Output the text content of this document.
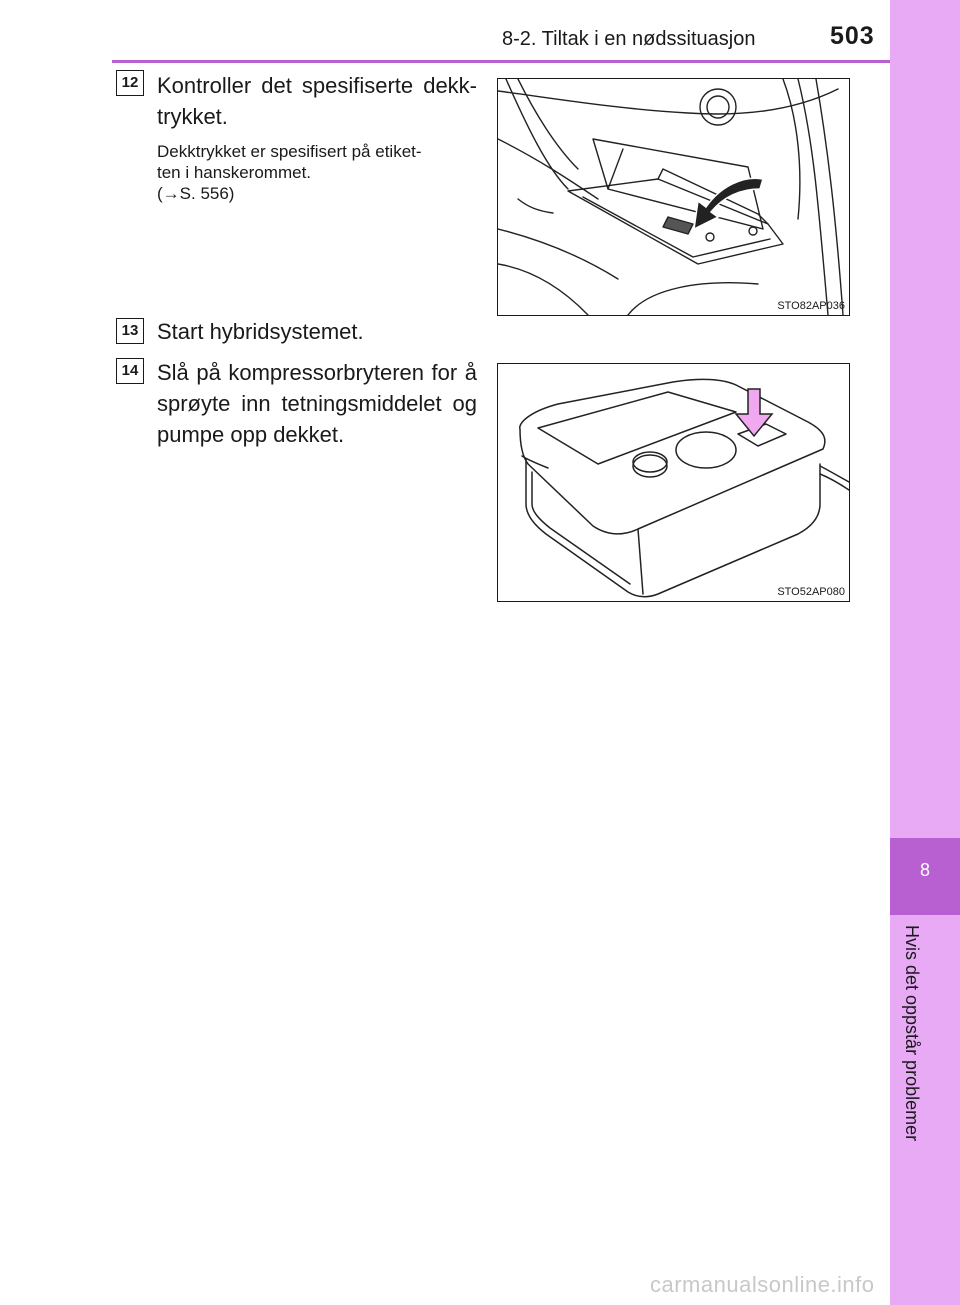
8-2. Tiltak i en nødssituasjon	503
8
Hvis det oppstår problemer
12 Kontroller det spesifiserte dekk-trykket.
Dekktrykket er spesifisert på etiket-
ten i hanskerommet.
(→S. 556)
STO82AP036
13 Start hybridsystemet.
14 Slå på kompressorbryteren for å sprøyte inn tetningsmiddelet og pumpe opp dekket.
STO52AP080
carmanualsonline.info
